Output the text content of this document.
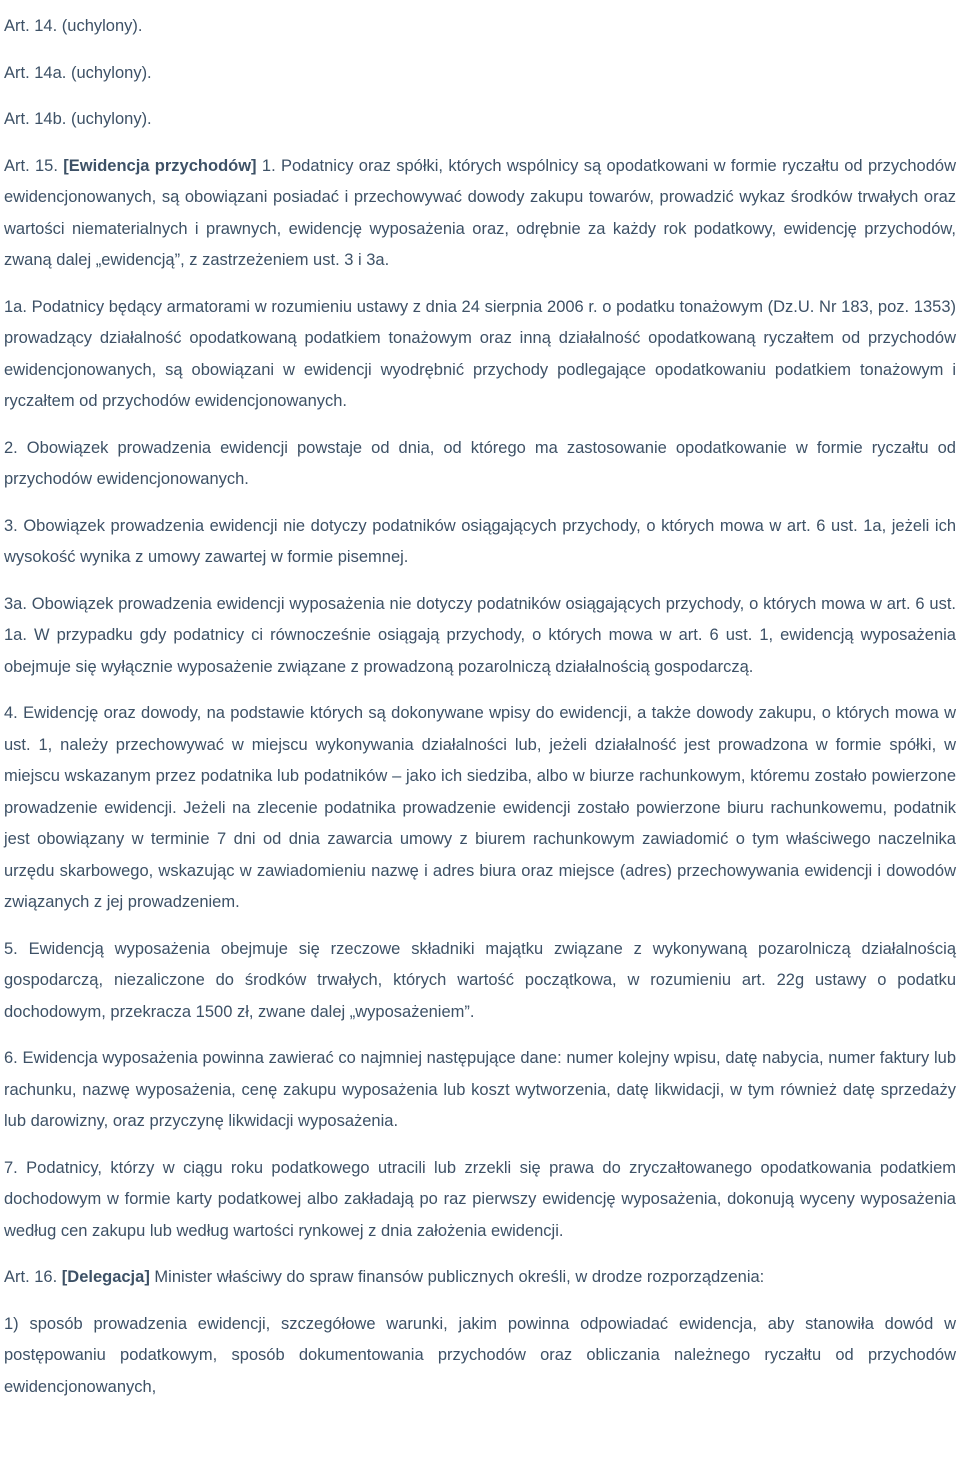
Art. 14. (uchylony).

Art. 14a. (uchylony).

Art. 14b. (uchylony).

Art. 15. [Ewidencja przychodów] 1. Podatnicy oraz spółki, których wspólnicy są opodatkowani w formie ryczałtu od przychodów ewidencjonowanych, są obowiązani posiadać i przechowywać dowody zakupu towarów, prowadzić wykaz środków trwałych oraz wartości niematerialnych i prawnych, ewidencję wyposażenia oraz, odrębnie za każdy rok podatkowy, ewidencję przychodów, zwaną dalej „ewidencją”, z zastrzeżeniem ust. 3 i 3a.

1a. Podatnicy będący armatorami w rozumieniu ustawy z dnia 24 sierpnia 2006 r. o podatku tonażowym (Dz.U. Nr 183, poz. 1353) prowadzący działalność opodatkowaną podatkiem tonażowym oraz inną działalność opodatkowaną ryczałtem od przychodów ewidencjonowanych, są obowiązani w ewidencji wyodrębnić przychody podlegające opodatkowaniu podatkiem tonażowym i ryczałtem od przychodów ewidencjonowanych.

2. Obowiązek prowadzenia ewidencji powstaje od dnia, od którego ma zastosowanie opodatkowanie w formie ryczałtu od przychodów ewidencjonowanych.

3. Obowiązek prowadzenia ewidencji nie dotyczy podatników osiągających przychody, o których mowa w art. 6 ust. 1a, jeżeli ich wysokość wynika z umowy zawartej w formie pisemnej.

3a. Obowiązek prowadzenia ewidencji wyposażenia nie dotyczy podatników osiągających przychody, o których mowa w art. 6 ust. 1a. W przypadku gdy podatnicy ci równocześnie osiągają przychody, o których mowa w art. 6 ust. 1, ewidencją wyposażenia obejmuje się wyłącznie wyposażenie związane z prowadzoną pozarolniczą działalnością gospodarczą.

4. Ewidencję oraz dowody, na podstawie których są dokonywane wpisy do ewidencji, a także dowody zakupu, o których mowa w ust. 1, należy przechowywać w miejscu wykonywania działalności lub, jeżeli działalność jest prowadzona w formie spółki, w miejscu wskazanym przez podatnika lub podatników – jako ich siedziba, albo w biurze rachunkowym, któremu zostało powierzone prowadzenie ewidencji. Jeżeli na zlecenie podatnika prowadzenie ewidencji zostało powierzone biuru rachunkowemu, podatnik jest obowiązany w terminie 7 dni od dnia zawarcia umowy z biurem rachunkowym zawiadomić o tym właściwego naczelnika urzędu skarbowego, wskazując w zawiadomieniu nazwę i adres biura oraz miejsce (adres) przechowywania ewidencji i dowodów związanych z jej prowadzeniem.

5. Ewidencją wyposażenia obejmuje się rzeczowe składniki majątku związane z wykonywaną pozarolniczą działalnością gospodarczą, niezaliczone do środków trwałych, których wartość początkowa, w rozumieniu art. 22g ustawy o podatku dochodowym, przekracza 1500 zł, zwane dalej „wyposażeniem”.

6. Ewidencja wyposażenia powinna zawierać co najmniej następujące dane: numer kolejny wpisu, datę nabycia, numer faktury lub rachunku, nazwę wyposażenia, cenę zakupu wyposażenia lub koszt wytworzenia, datę likwidacji, w tym również datę sprzedaży lub darowizny, oraz przyczynę likwidacji wyposażenia.

7. Podatnicy, którzy w ciągu roku podatkowego utracili lub zrzekli się prawa do zryczałtowanego opodatkowania podatkiem dochodowym w formie karty podatkowej albo zakładają po raz pierwszy ewidencję wyposażenia, dokonują wyceny wyposażenia według cen zakupu lub według wartości rynkowej z dnia założenia ewidencji.

Art. 16. [Delegacja] Minister właściwy do spraw finansów publicznych określi, w drodze rozporządzenia:

1) sposób prowadzenia ewidencji, szczegółowe warunki, jakim powinna odpowiadać ewidencja, aby stanowiła dowód w postępowaniu podatkowym, sposób dokumentowania przychodów oraz obliczania należnego ryczałtu od przychodów ewidencjonowanych,
